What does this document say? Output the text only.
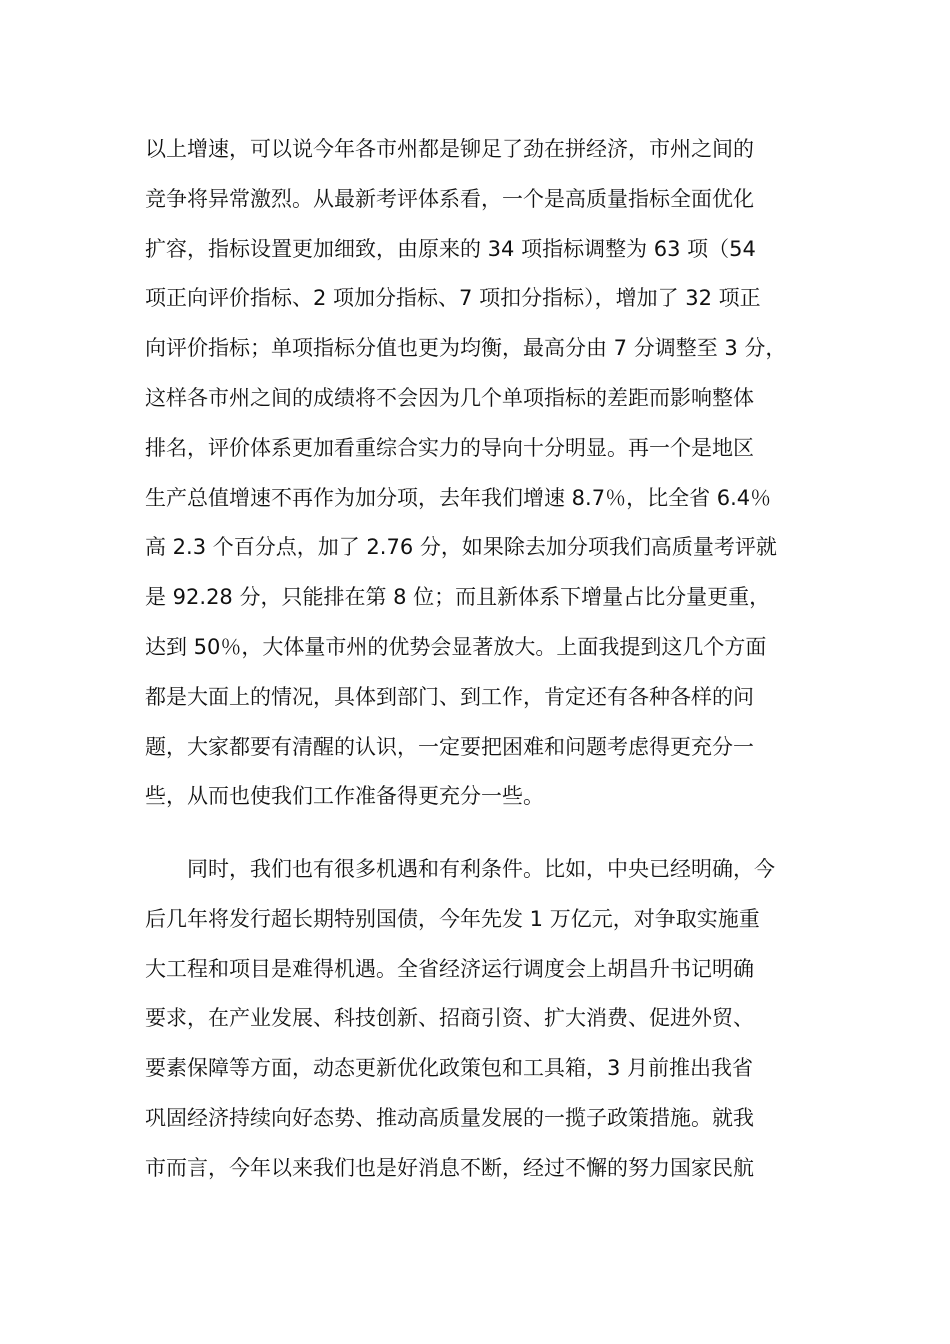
以上增速，可以说今年各市州都是铆足了劲在拼经济，市州之间的
竞争将异常激烈。从最新考评体系看，一个是高质量指标全面优化
扩容，指标设置更加细致，由原来的 34 项指标调整为 63 项（54
项正向评价指标、2 项加分指标、7 项扣分指标），增加了 32 项正
向评价指标；单项指标分值也更为均衡，最高分由 7 分调整至 3 分，
这样各市州之间的成绩将不会因为几个单项指标的差距而影响整体
排名，评价体系更加看重综合实力的导向十分明显。再一个是地区
生产总值增速不再作为加分项，去年我们增速 8.7％，比全省 6.4％
高 2.3 个百分点，加了 2.76 分，如果除去加分项我们高质量考评就
是 92.28 分，只能排在第 8 位；而且新体系下增量占比分量更重，
达到 50％，大体量市州的优势会显著放大。上面我提到这几个方面
都是大面上的情况，具体到部门、到工作，肯定还有各种各样的问
题，大家都要有清醒的认识，一定要把困难和问题考虑得更充分一
些，从而也使我们工作准备得更充分一些。
　　同时，我们也有很多机遇和有利条件。比如，中央已经明确，今
后几年将发行超长期特别国债，今年先发 1 万亿元，对争取实施重
大工程和项目是难得机遇。全省经济运行调度会上胡昌升书记明确
要求，在产业发展、科技创新、招商引资、扩大消费、促进外贸、
要素保障等方面，动态更新优化政策包和工具箱，3 月前推出我省
巩固经济持续向好态势、推动高质量发展的一揽子政策措施。就我
市而言，今年以来我们也是好消息不断，经过不懈的努力国家民航
